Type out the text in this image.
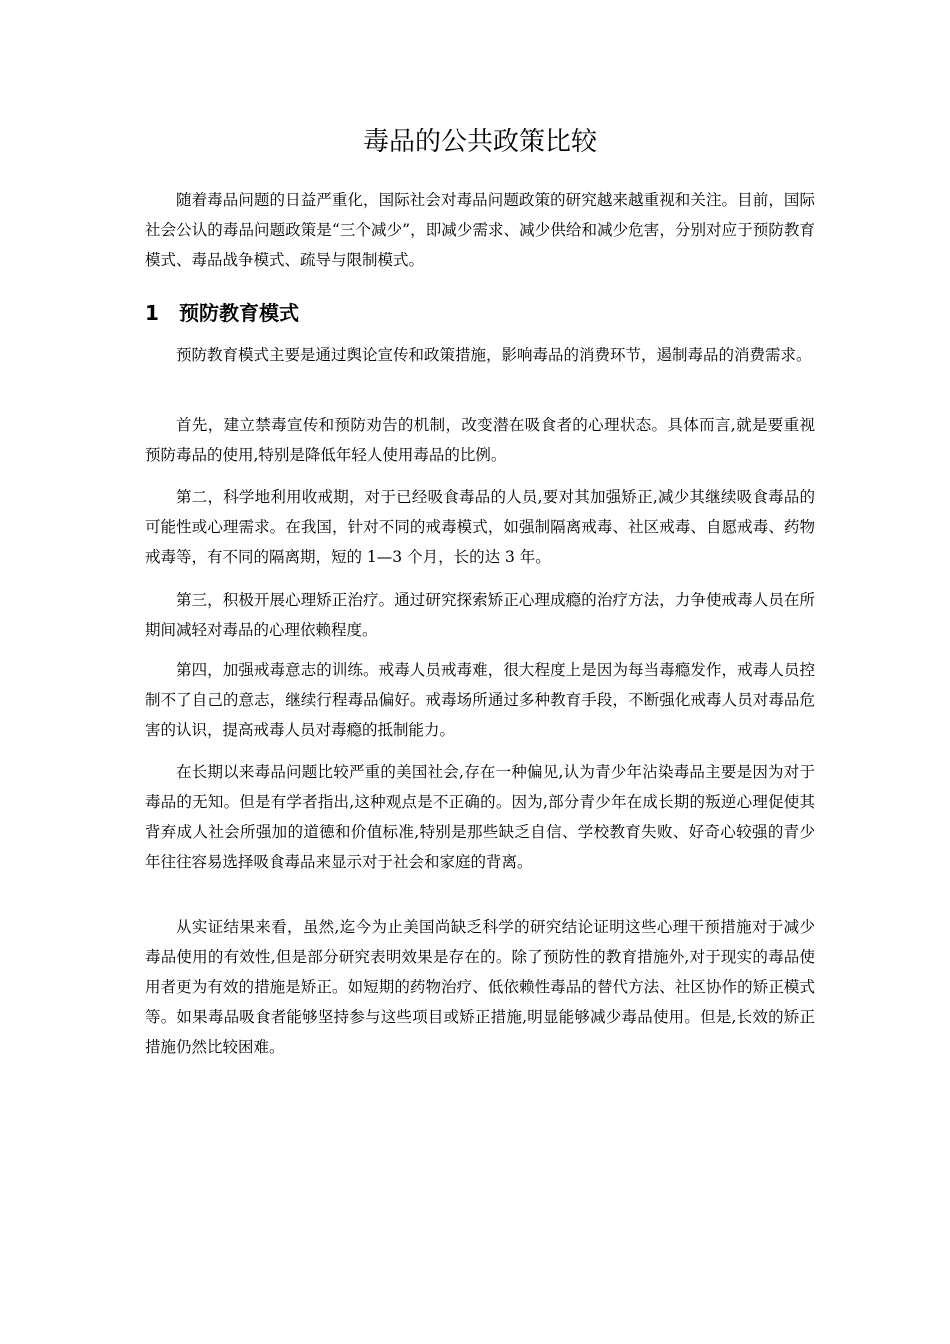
毒品的公共政策比较

随着毒品问题的日益严重化，国际社会对毒品问题政策的研究越来越重视和关注。目前，国际社会公认的毒品问题政策是“三个减少”，即减少需求、减少供给和减少危害，分别对应于预防教育模式、毒品战争模式、疏导与限制模式。

1 预防教育模式

预防教育模式主要是通过舆论宣传和政策措施，影响毒品的消费环节，遏制毒品的消费需求。

首先，建立禁毒宣传和预防劝告的机制，改变潜在吸食者的心理状态。具体而言,就是要重视预防毒品的使用,特别是降低年轻人使用毒品的比例。

第二，科学地利用收戒期，对于已经吸食毒品的人员,要对其加强矫正,减少其继续吸食毒品的可能性或心理需求。在我国，针对不同的戒毒模式，如强制隔离戒毒、社区戒毒、自愿戒毒、药物戒毒等，有不同的隔离期，短的 1—3 个月，长的达 3 年。

第三，积极开展心理矫正治疗。通过研究探索矫正心理成瘾的治疗方法，力争使戒毒人员在所期间减轻对毒品的心理依赖程度。

第四，加强戒毒意志的训练。戒毒人员戒毒难，很大程度上是因为每当毒瘾发作，戒毒人员控制不了自己的意志，继续行程毒品偏好。戒毒场所通过多种教育手段，不断强化戒毒人员对毒品危害的认识，提高戒毒人员对毒瘾的抵制能力。

在长期以来毒品问题比较严重的美国社会,存在一种偏见,认为青少年沾染毒品主要是因为对于毒品的无知。但是有学者指出,这种观点是不正确的。因为,部分青少年在成长期的叛逆心理促使其背弃成人社会所强加的道德和价值标准,特别是那些缺乏自信、学校教育失败、好奇心较强的青少年往往容易选择吸食毒品来显示对于社会和家庭的背离。

从实证结果来看，虽然,迄今为止美国尚缺乏科学的研究结论证明这些心理干预措施对于减少毒品使用的有效性,但是部分研究表明效果是存在的。除了预防性的教育措施外,对于现实的毒品使用者更为有效的措施是矫正。如短期的药物治疗、低依赖性毒品的替代方法、社区协作的矫正模式等。如果毒品吸食者能够坚持参与这些项目或矫正措施,明显能够减少毒品使用。但是,长效的矫正措施仍然比较困难。
